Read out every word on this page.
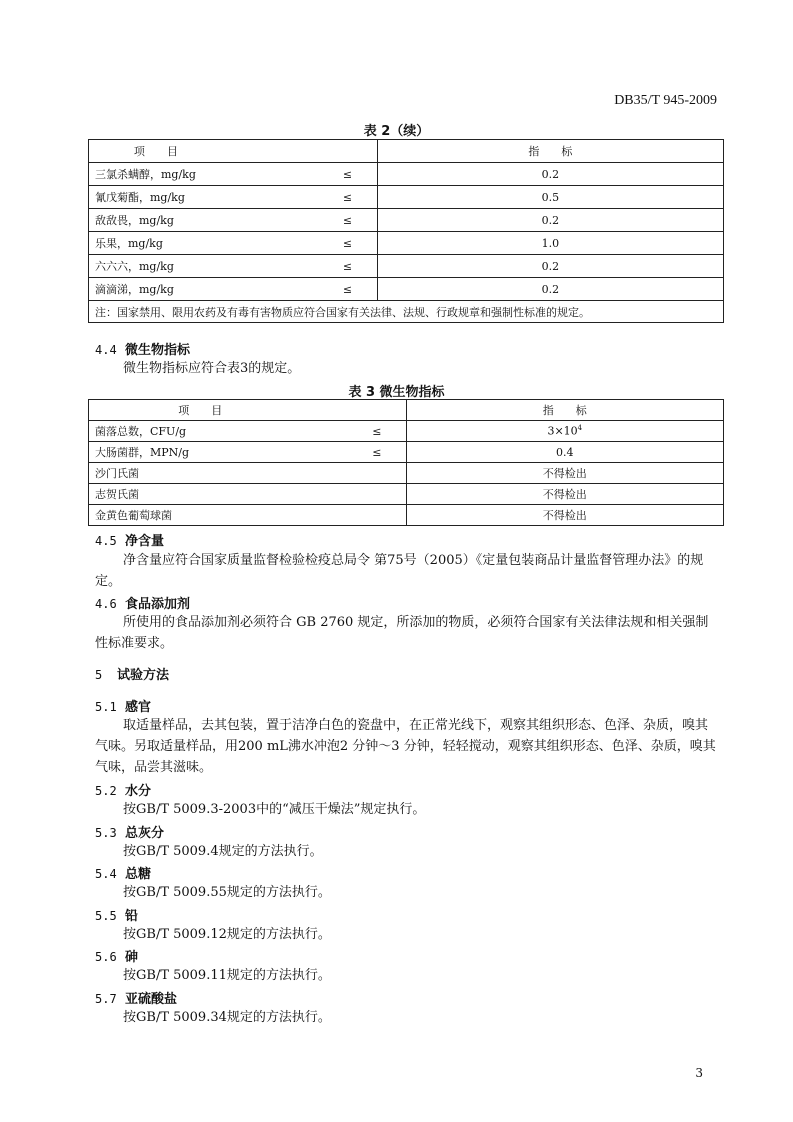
DB35/T 945-2009
表 2（续）
项　　目		指　　标
三氯杀螨醇，mg/kg	≤	0.2
氰戊菊酯，mg/kg	≤	0.5
敌敌畏，mg/kg	≤	0.2
乐果，mg/kg	≤	1.0
六六六，mg/kg	≤	0.2
滴滴涕，mg/kg	≤	0.2
注：国家禁用、限用农药及有毒有害物质应符合国家有关法律、法规、行政规章和强制性标准的规定。		
4.4 微生物指标
微生物指标应符合表3的规定。
表 3 微生物指标
项　　目		指　　标
菌落总数，CFU/g	≤	$3\times 10^4$
大肠菌群，MPN/g	≤	0.4
沙门氏菌		不得检出
志贺氏菌		不得检出
金黄色葡萄球菌		不得检出
4.5 净含量
净含量应符合国家质量监督检验检疫总局令 第75号（2005）《定量包装商品计量监督管理办法》的规定。
4.6 食品添加剂
所使用的食品添加剂必须符合 GB 2760 规定，所添加的物质，必须符合国家有关法律法规和相关强制性标准要求。
5 试验方法
5.1 感官
取适量样品，去其包装，置于洁净白色的瓷盘中，在正常光线下，观察其组织形态、色泽、杂质，嗅其气味。另取适量样品，用200 mL沸水冲泡2 分钟～3 分钟，轻轻搅动，观察其组织形态、色泽、杂质，嗅其气味，品尝其滋味。
5.2 水分
按GB/T 5009.3-2003中的“减压干燥法”规定执行。
5.3 总灰分
按GB/T 5009.4规定的方法执行。
5.4 总糖
按GB/T 5009.55规定的方法执行。
5.5 铅
按GB/T 5009.12规定的方法执行。
5.6 砷
按GB/T 5009.11规定的方法执行。
5.7 亚硫酸盐
按GB/T 5009.34规定的方法执行。
3
